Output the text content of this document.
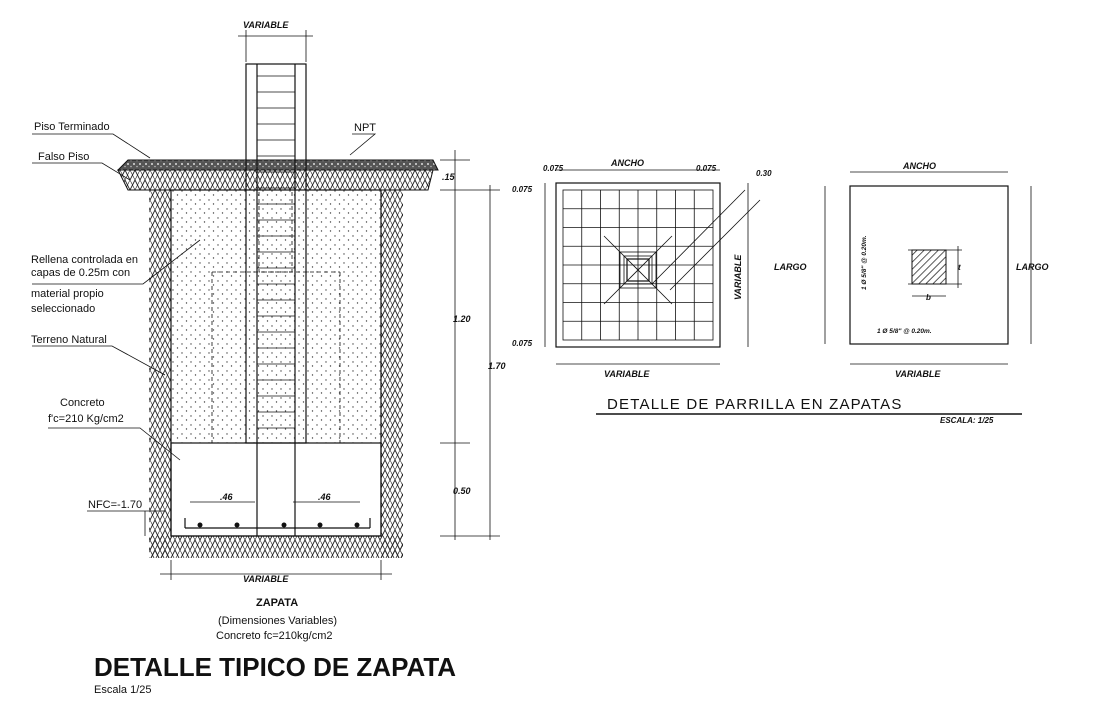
.46	.46
VARIABLE
.15
1.20
1.70
0.50
VARIABLE
Piso Terminado
Falso Piso
NPT
Rellena controlada en
capas de 0.25m con
material propio
seleccionado
Terreno Natural
Concreto
f'c=210 Kg/cm2
NFC=-1.70
ZAPATA
(Dimensiones Variables)
Concreto fc=210kg/cm2
ANCHO
0.075	0.075
0.075
0.075
0.30
VARIABLE
VARIABLE
t
b
ANCHO
LARGO	LARGO
1 Ø 5/8" @ 0.20m.
1 Ø 5/8" @ 0.20m.
VARIABLE
DETALLE DE PARRILLA EN ZAPATAS
ESCALA: 1/25
DETALLE TIPICO DE ZAPATA
Escala 1/25
